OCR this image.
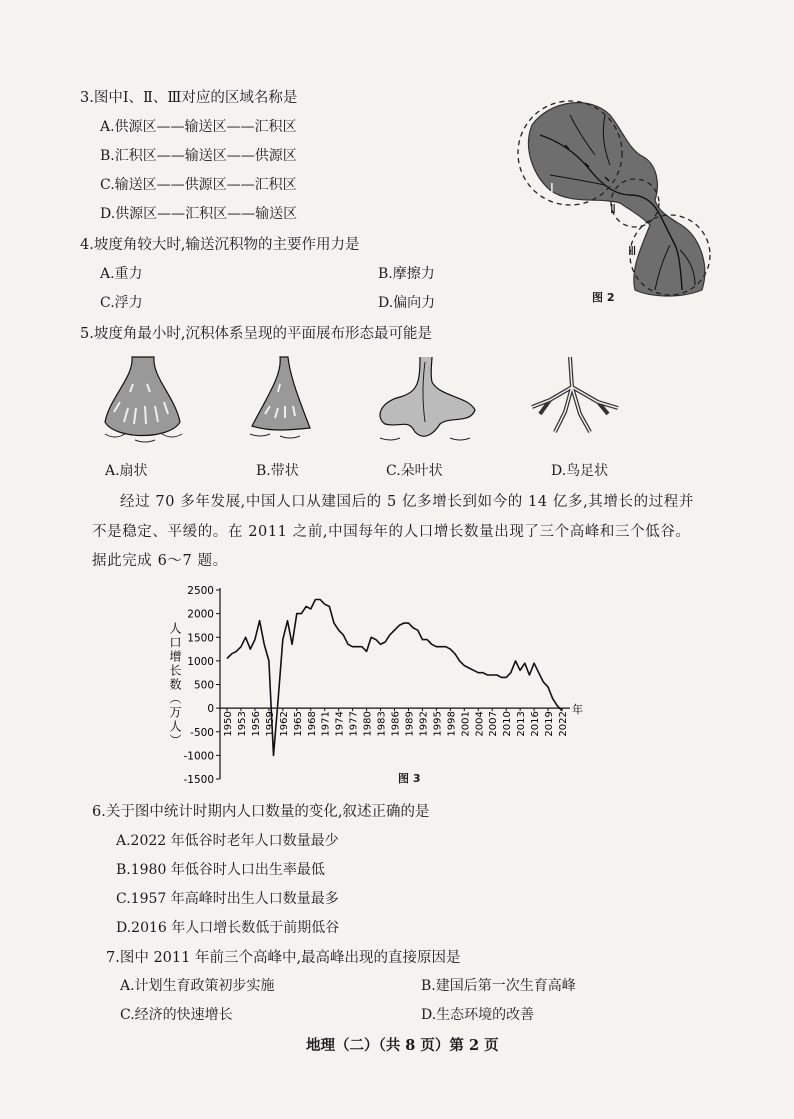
3.图中Ⅰ、Ⅱ、Ⅲ对应的区域名称是
A.供源区——输送区——汇积区
B.汇积区——输送区——供源区
C.输送区——供源区——汇积区
D.供源区——汇积区——输送区
Ⅰ
Ⅱ
Ⅲ
图 2
4.坡度角较大时,输送沉积物的主要作用力是
A.重力	B.摩擦力
C.浮力	D.偏向力
5.坡度角最小时,沉积体系呈现的平面展布形态最可能是
A.扇状	B.带状	C.朵叶状	D.鸟足状
经过 70 多年发展,中国人口从建国后的 5 亿多增长到如今的 14 亿多,其增长的过程并
不是稳定、平缓的。在 2011 之前,中国每年的人口增长数量出现了三个高峰和三个低谷。
据此完成 6～7 题。
人口增长数（万人）	年
2500
2000
1500
1000
500
0
-500
-1000
-1500
1950 1953 1956 1959 1962 1965 1968 1971 1974 1977 1980 1983 1986 1989 1992 1995 1998 2001 2004 2007 2010 2013 2016 2019 2022
图 3
6.关于图中统计时期内人口数量的变化,叙述正确的是
A.2022 年低谷时老年人口数量最少
B.1980 年低谷时人口出生率最低
C.1957 年高峰时出生人口数量最多
D.2016 年人口增长数低于前期低谷
7.图中 2011 年前三个高峰中,最高峰出现的直接原因是
A.计划生育政策初步实施	B.建国后第一次生育高峰
C.经济的快速增长	D.生态环境的改善
地理（二）（共 8 页）第 2 页
